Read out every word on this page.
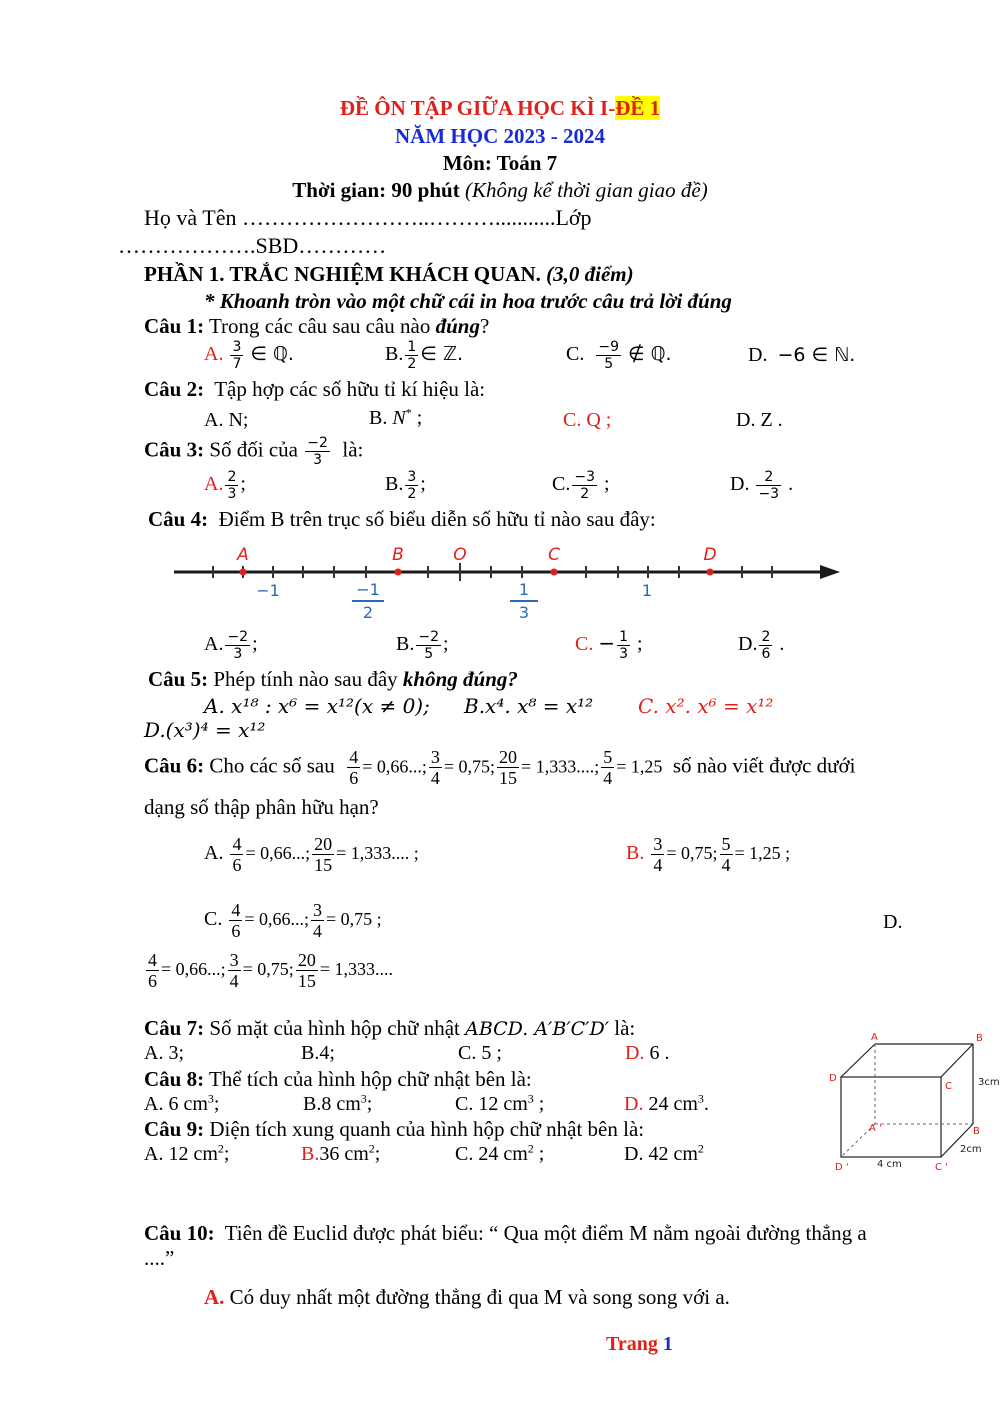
ĐỀ ÔN TẬP GIỮA HỌC KÌ I-ĐỀ 1
NĂM HỌC 2023 - 2024
Môn: Toán 7
Thời gian: 90 phút (Không kể thời gian giao đề)
Họ và Tên ……………………..………...........Lớp
……………….SBD…………
PHẦN 1. TRẮC NGHIỆM KHÁCH QUAN. (3,0 điểm)
* Khoanh tròn vào một chữ cái in hoa trước câu trả lời đúng
Câu 1: Trong các câu sau câu nào đúng?
A. $\frac{3}{7}$ ∈ ℚ.	B. $\frac{1}{2}$ ∈ ℤ.	C. $\frac{-9}{5}$ ∉ ℚ.	D. −6 ∈ ℕ.
Câu 2: Tập hợp các số hữu tỉ kí hiệu là:
A. N;	B. N* ;	C. Q ;	D. Z .
Câu 3: Số đối của $\frac{-2}{3}$ là:
A. $\frac{2}{3}$ ;	B. $\frac{3}{2}$ ;	C. $\frac{-3}{2}$ ;	D. $\frac{2}{-3}$ .
Câu 4: Điểm B trên trục số biểu diễn số hữu tỉ nào sau đây:
A	B	O	C	D
−1	−1
2
1
3
1
A. $\frac{-2}{3}$ ;	B. $\frac{-2}{5}$ ;	C. − $\frac{1}{3}$ ;	D. $\frac{2}{6}$ .
Câu 5: Phép tính nào sau đây không đúng?
A. x¹⁸ : x⁶ = x¹²(x ≠ 0); B.x⁴. x⁸ = x¹² C. x². x⁶ = x¹²
D.(x³)⁴ = x¹²
Câu 6: Cho các số sau $\frac{4}{6} = 0,66$...; $\frac{3}{4} = 0,75$; $\frac{20}{15} = 1,333$....; $\frac{5}{4} = 1,25$ số nào viết được dưới
dạng số thập phân hữu hạn?
A. $\frac{4}{6} = 0,66$...; $\frac{20}{15} = 1,333$.... ;	B. $\frac{3}{4} = 0,75$; $\frac{5}{4} = 1,25$ ;
C. $\frac{4}{6} = 0,66$...; $\frac{3}{4} = 0,75$ ;	D.
$\frac{4}{6} = 0,66$...; $\frac{3}{4} = 0,75$; $\frac{20}{15} = 1,333$....
Câu 7: Số mặt của hình hộp chữ nhật ABCD. A′B′C′D′ là:
A. 3;	B.4;	C. 5 ;	D. 6 .
Câu 8: Thể tích của hình hộp chữ nhật bên là:
A. 6 $cm^3$;	B.8 $cm^3$;	C. 12 $cm^3$ ;	D. 24 $cm^3$.
Câu 9: Diện tích xung quanh của hình hộp chữ nhật bên là:
A. 12 $cm^2$;	B.36 $cm^2$;	C. 24 $cm^2$ ;	D. 42 $cm^2$
A	B
D
C
A '	B
D '	C '
3cm
2cm
4 cm
Câu 10: Tiên đề Euclid được phát biểu: “ Qua một điểm M nằm ngoài đường thẳng a
....”
A. Có duy nhất một đường thẳng đi qua M và song song với a.
Trang 1
